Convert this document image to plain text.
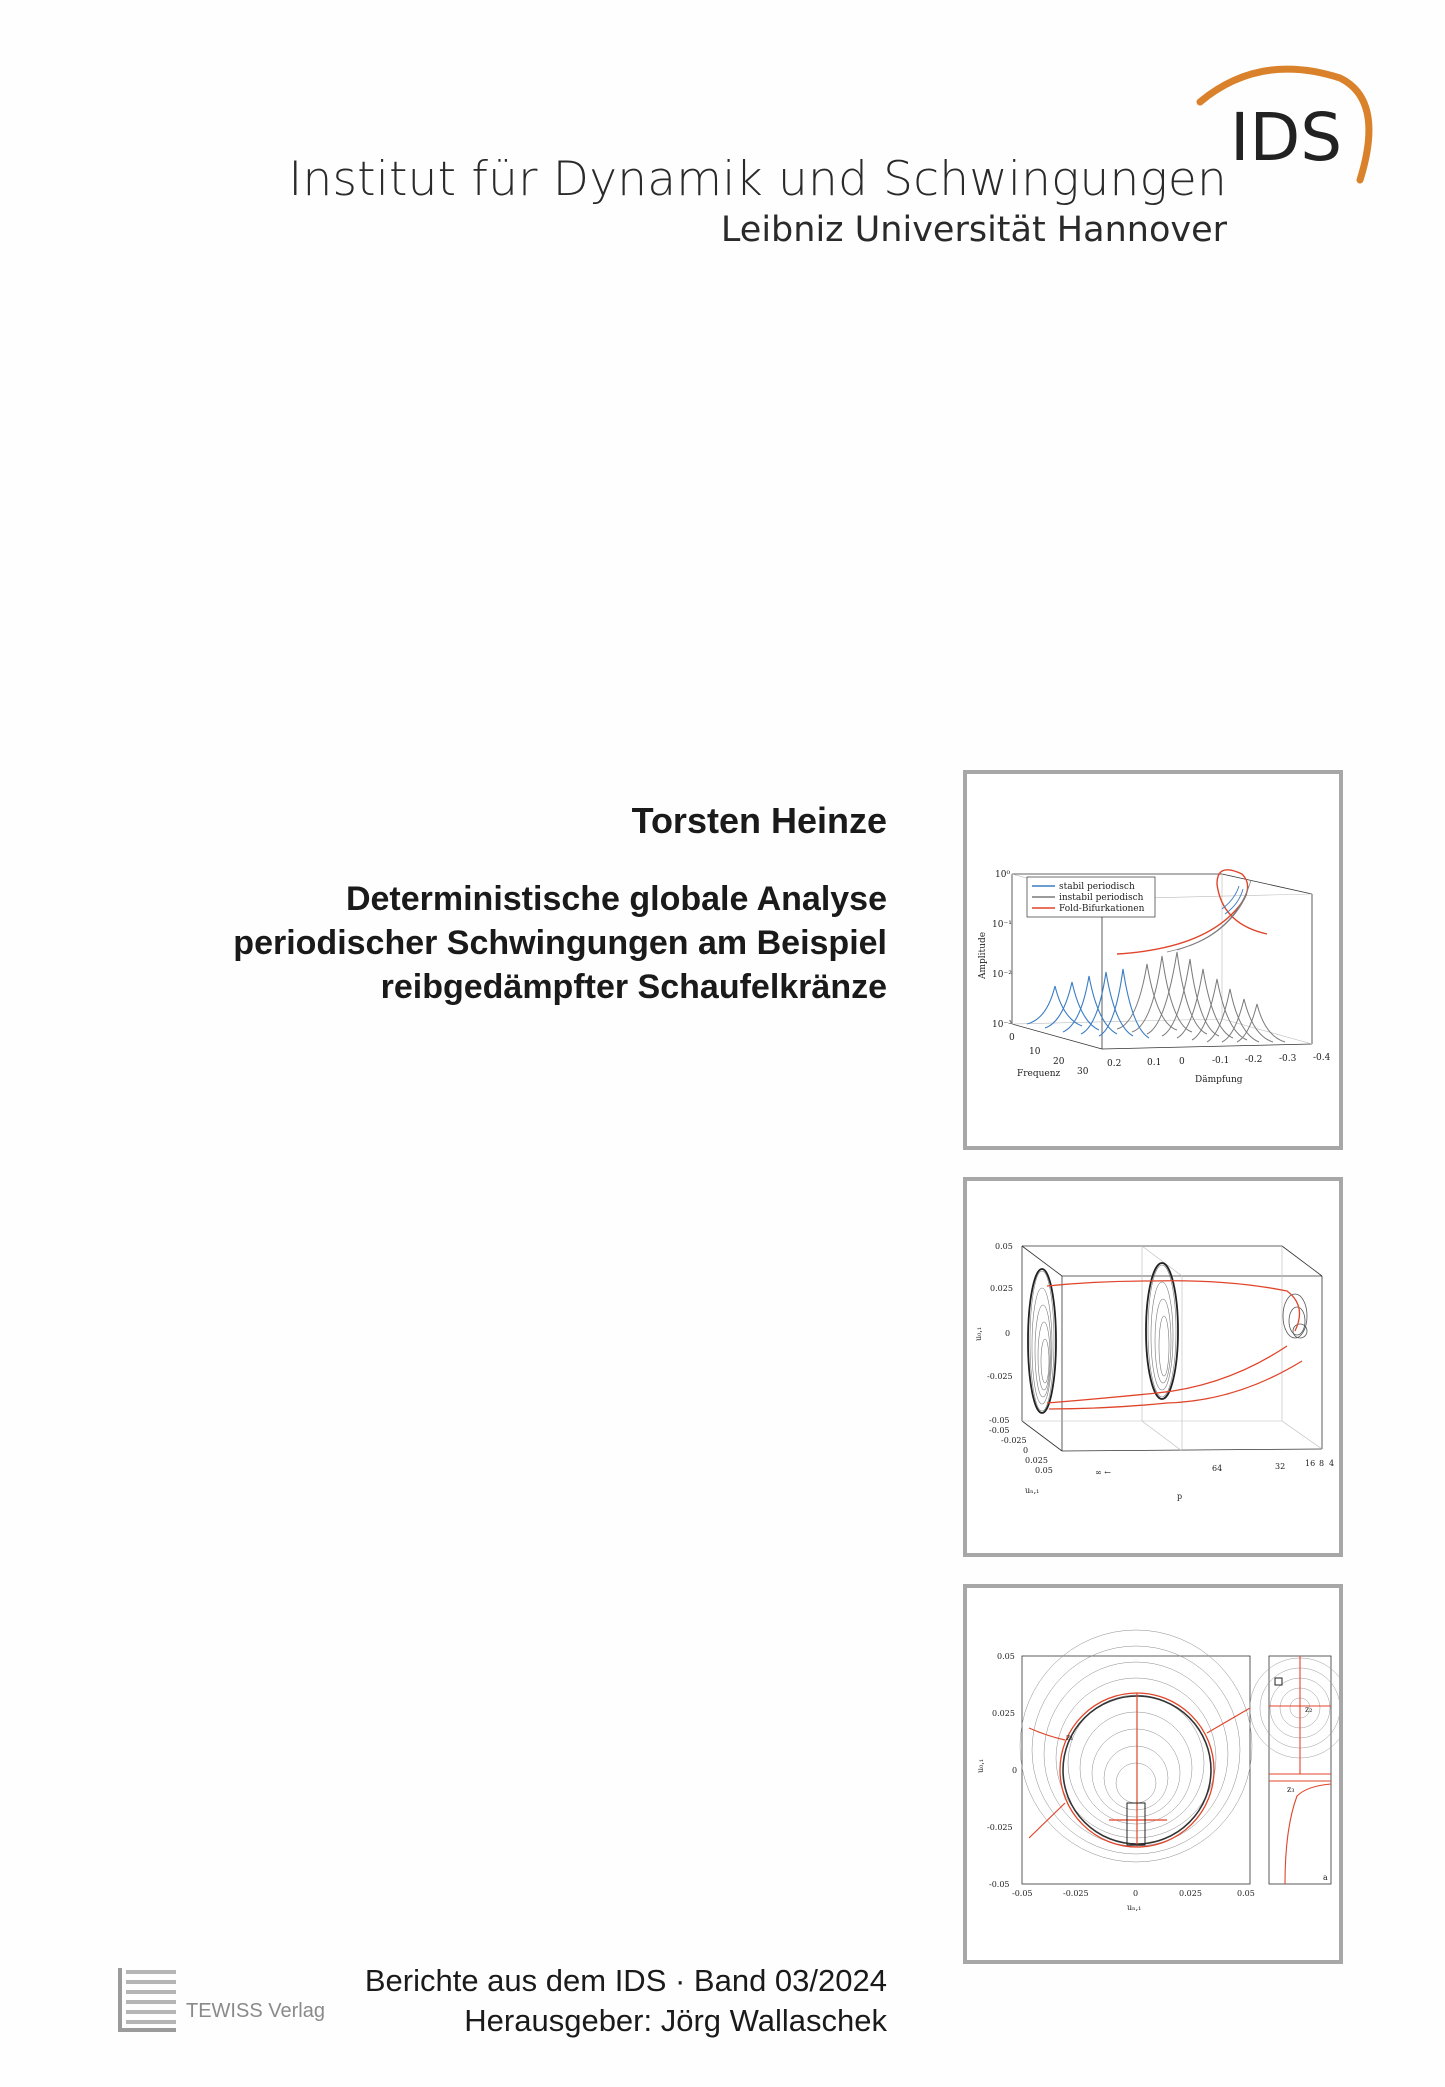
IDS
Institut für Dynamik und Schwingungen
Leibniz Universität Hannover
Torsten Heinze
Deterministische globale Analyse
periodischer Schwingungen am Beispiel
reibgedämpfter Schaufelkränze
stabil periodisch
instabil periodisch
Fold-Bifurkationen
10⁰
10⁻¹
10⁻²
10⁻³
Amplitude
0
10
20
30
Frequenz
0.2	0.1 0	-0.1 -0.2 -0.3 -0.4
Dämpfung
0.05
0.025
0
-0.025
-0.05
u₀,₁
-0.05
-0.025
0
0.025
0.05
uₙ,₁
∞ ←	64	32 16 8 4
p
z₁
z₂
z₃
a
0.05
0.025
0
-0.025
-0.05
u₀,₁
-0.05	-0.025	0	0.025	0.05
uₙ,₁
TEWISS Verlag
Berichte aus dem IDS · Band 03/2024
Herausgeber: Jörg Wallaschek
